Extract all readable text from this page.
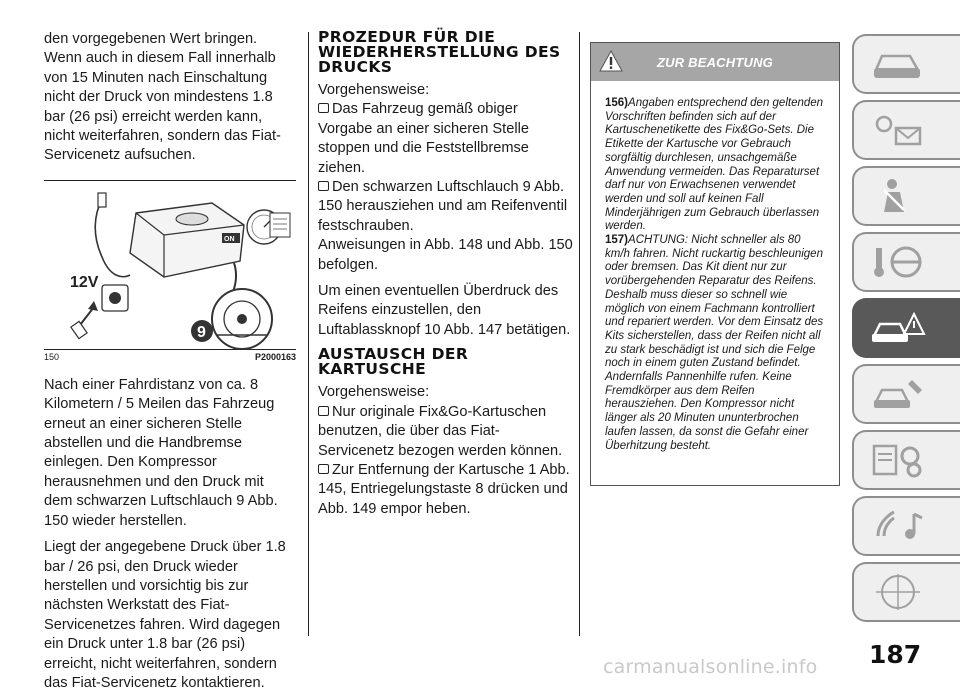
den vorgegebenen Wert bringen. Wenn auch in diesem Fall innerhalb von 15 Minuten nach Einschaltung nicht der Druck von mindestens 1.8 bar (26 psi) erreicht werden kann, nicht weiterfahren, sondern das Fiat-Servicenetz aufsuchen.

ON
12V
9
150	P2000163

Nach einer Fahrdistanz von ca. 8 Kilometern / 5 Meilen das Fahrzeug erneut an einer sicheren Stelle abstellen und die Handbremse einlegen. Den Kompressor herausnehmen und den Druck mit dem schwarzen Luftschlauch 9 Abb. 150 wieder herstellen.

Liegt der angegebene Druck über 1.8 bar / 26 psi, den Druck wieder herstellen und vorsichtig bis zur nächsten Werkstatt des Fiat-Servicenetzes fahren. Wird dagegen ein Druck unter 1.8 bar (26 psi) erreicht, nicht weiterfahren, sondern das Fiat-Servicenetz kontaktieren.

PROZEDUR FÜR DIE WIEDERHERSTELLUNG DES DRUCKS

Vorgehensweise:

Das Fahrzeug gemäß obiger Vorgabe an einer sicheren Stelle stoppen und die Feststellbremse ziehen.
Den schwarzen Luftschlauch 9 Abb. 150 herausziehen und am Reifenventil festschrauben.

Anweisungen in Abb. 148 und Abb. 150 befolgen.

Um einen eventuellen Überdruck des Reifens einzustellen, den Luftablassknopf 10 Abb. 147 betätigen.

AUSTAUSCH DER KARTUSCHE

Vorgehensweise:

Nur originale Fix&Go-Kartuschen benutzen, die über das Fiat-Servicenetz bezogen werden können.
Zur Entfernung der Kartusche 1 Abb. 145, Entriegelungstaste 8 drücken und Abb. 149 empor heben.
ZUR BEACHTUNG
156)Angaben entsprechend den geltenden Vorschriften befinden sich auf der Kartuschenetikette des Fix&Go-Sets. Die Etikette der Kartusche vor Gebrauch sorgfältig durchlesen, unsachgemäße Anwendung vermeiden. Das Reparaturset darf nur von Erwachsenen verwendet werden und soll auf keinen Fall Minderjährigen zum Gebrauch überlassen werden.
157)ACHTUNG: Nicht schneller als 80 km/h fahren. Nicht ruckartig beschleunigen oder bremsen. Das Kit dient nur zur vorübergehenden Reparatur des Reifens. Deshalb muss dieser so schnell wie möglich von einem Fachmann kontrolliert und repariert werden. Vor dem Einsatz des Kits sicherstellen, dass der Reifen nicht all zu stark beschädigt ist und sich die Felge noch in einem guten Zustand befindet. Andernfalls Pannenhilfe rufen. Keine Fremdkörper aus dem Reifen herausziehen. Den Kompressor nicht länger als 20 Minuten ununterbrochen laufen lassen, da sonst die Gefahr einer Überhitzung besteht.
187
carmanualsonline.info
